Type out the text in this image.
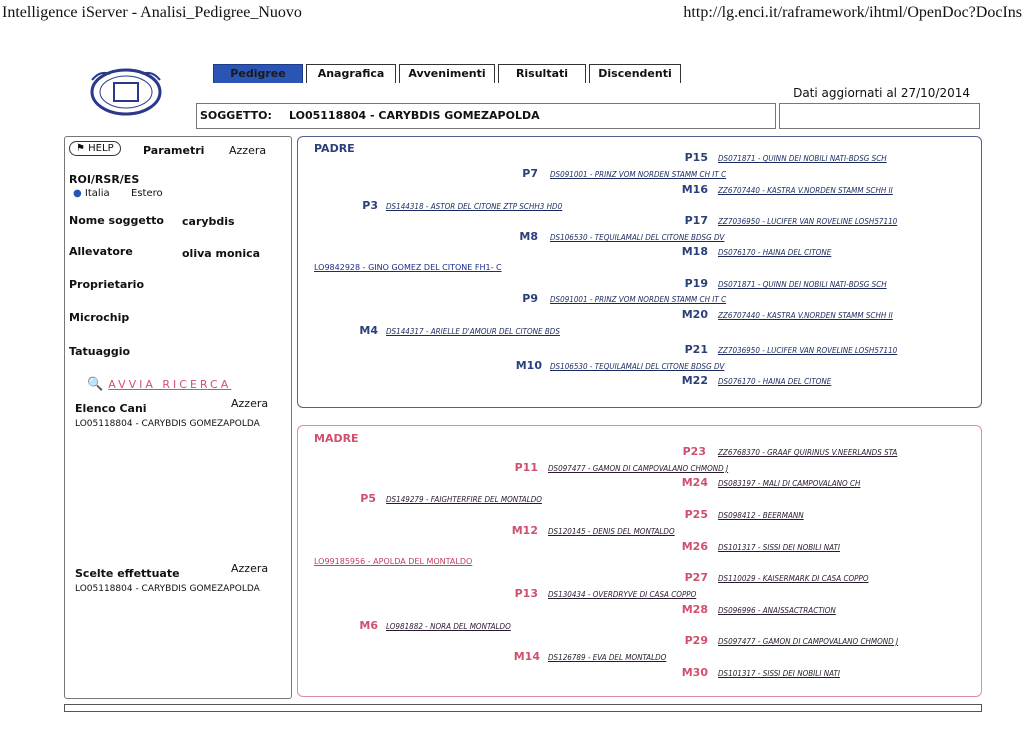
Intelligence iServer - Analisi_Pedigree_Nuovo	http://lg.enci.it/raframework/ihtml/OpenDoc?DocIns
Pedigree	Anagrafica	Avvenimenti	Risultati	Discendenti
Dati aggiornati al 27/10/2014
SOGGETTO: LO05118804 - CARYBDIS GOMEZAPOLDA
⚑ HELP	Parametri Azzera
ROI/RSR/ES
● Italia Estero
Nome soggetto carybdis
Allevatore	oliva monica
Proprietario
Microchip
Tatuaggio
🔍 AVVIA RICERCA
Elenco Cani	Azzera
LO05118804 - CARYBDIS GOMEZAPOLDA
Scelte effettuate	Azzera
LO05118804 - CARYBDIS GOMEZAPOLDA
PADRE
LO9842928 - GINO GOMEZ DEL CITONE FH1- C
P15 DS071871 - QUINN DEI NOBILI NATI-BDSG SCH
P7 DS091001 - PRINZ VOM NORDEN STAMM CH IT C
M16 ZZ6707440 - KASTRA V.NORDEN STAMM SCHH II
P3 DS144318 - ASTOR DEL CITONE ZTP SCHH3 HD0
P17 ZZ7036950 - LUCIFER VAN ROVELINE LOSH57110
M8 DS106530 - TEQUILAMALI DEL CITONE BDSG DV
M18 DS076170 - HAINA DEL CITONE
P19 DS071871 - QUINN DEI NOBILI NATI-BDSG SCH
P9 DS091001 - PRINZ VOM NORDEN STAMM CH IT C
M20 ZZ6707440 - KASTRA V.NORDEN STAMM SCHH II
M4 DS144317 - ARIELLE D'AMOUR DEL CITONE BDS
P21 ZZ7036950 - LUCIFER VAN ROVELINE LOSH57110
M10 DS106530 - TEQUILAMALI DEL CITONE BDSG DV
M22 DS076170 - HAINA DEL CITONE
MADRE
LO99185956 - APOLDA DEL MONTALDO
P23 ZZ6768370 - GRAAF QUIRINUS V.NEERLANDS STA
P11 DS097477 - GAMON DI CAMPOVALANO CHMOND J
M24 DS083197 - MALI DI CAMPOVALANO CH
P5 DS149279 - FAIGHTERFIRE DEL MONTALDO
P25 DS098412 - BEERMANN
M12 DS120145 - DENIS DEL MONTALDO
M26 DS101317 - SISSI DEI NOBILI NATI
P27 DS110029 - KAISERMARK DI CASA COPPO
P13 DS130434 - OVERDRYVE DI CASA COPPO
M28 DS096996 - ANAISSACTRACTION
M6 LO981882 - NORA DEL MONTALDO
P29 DS097477 - GAMON DI CAMPOVALANO CHMOND J
M14 DS126789 - EVA DEL MONTALDO
M30 DS101317 - SISSI DEI NOBILI NATI
